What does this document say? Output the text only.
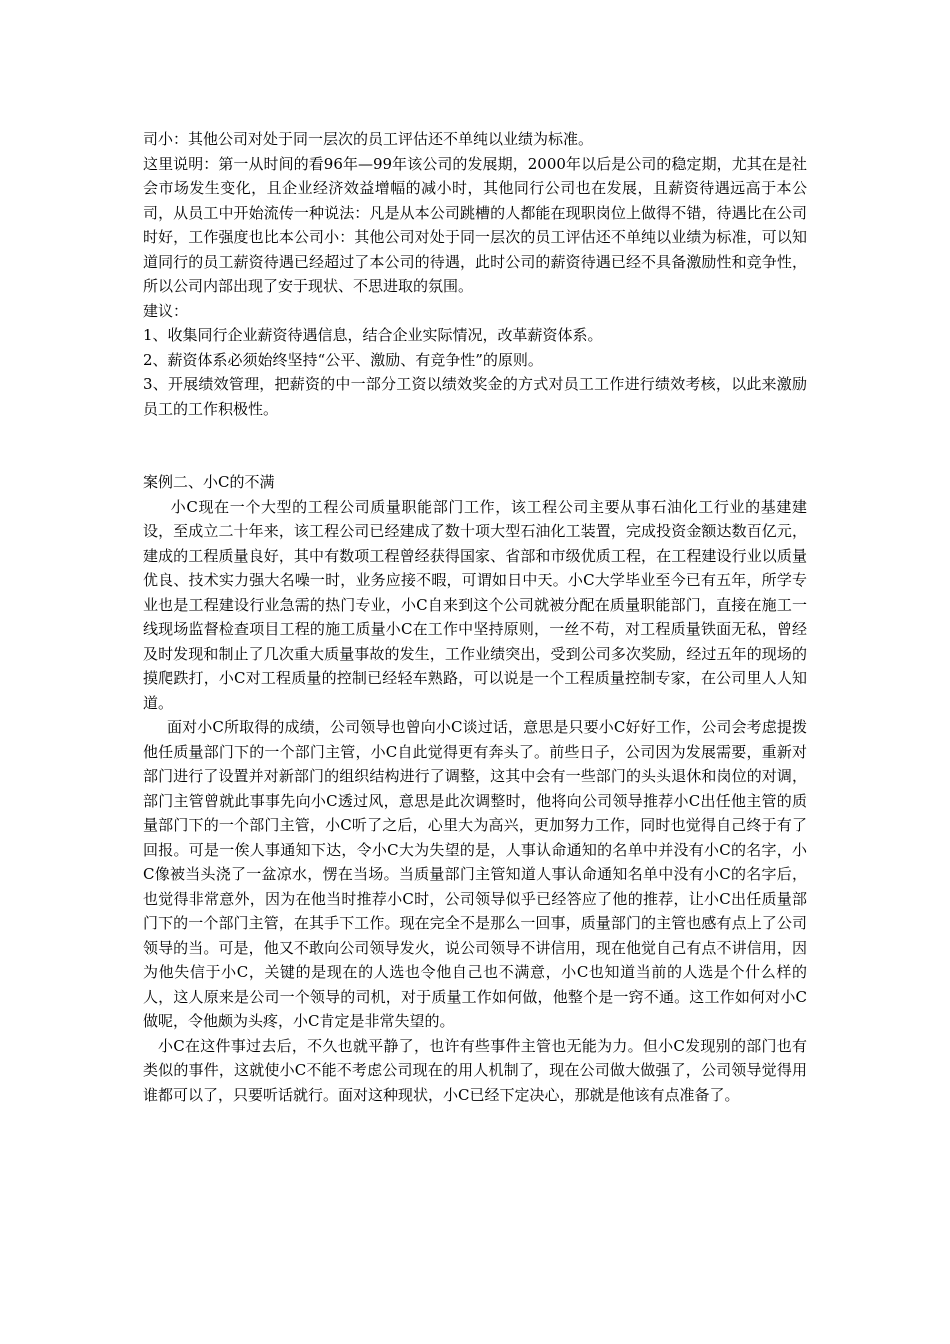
司小：其他公司对处于同一层次的员工评估还不单纯以业绩为标准。

这里说明：第一从时间的看96年—99年该公司的发展期，2000年以后是公司的稳定期，尤其在是社会市场发生变化，且企业经济效益增幅的减小时，其他同行公司也在发展，且薪资待遇远高于本公司，从员工中开始流传一种说法：凡是从本公司跳槽的人都能在现职岗位上做得不错，待遇比在公司时好，工作强度也比本公司小：其他公司对处于同一层次的员工评估还不单纯以业绩为标准，可以知道同行的员工薪资待遇已经超过了本公司的待遇，此时公司的薪资待遇已经不具备激励性和竞争性，所以公司内部出现了安于现状、不思进取的氛围。

建议：

1、收集同行企业薪资待遇信息，结合企业实际情况，改革薪资体系。

2、薪资体系必须始终坚持“公平、激励、有竞争性”的原则。

3、开展绩效管理，把薪资的中一部分工资以绩效奖金的方式对员工工作进行绩效考核，以此来激励员工的工作积极性。

案例二、小C的不满

小C现在一个大型的工程公司质量职能部门工作，该工程公司主要从事石油化工行业的基建建设，至成立二十年来，该工程公司已经建成了数十项大型石油化工装置，完成投资金额达数百亿元，建成的工程质量良好，其中有数项工程曾经获得国家、省部和市级优质工程，在工程建设行业以质量优良、技术实力强大名噪一时，业务应接不暇，可谓如日中天。小C大学毕业至今已有五年，所学专业也是工程建设行业急需的热门专业，小C自来到这个公司就被分配在质量职能部门，直接在施工一线现场监督检查项目工程的施工质量小C在工作中坚持原则，一丝不苟，对工程质量铁面无私，曾经及时发现和制止了几次重大质量事故的发生，工作业绩突出，受到公司多次奖励，经过五年的现场的摸爬跌打，小C对工程质量的控制已经轻车熟路，可以说是一个工程质量控制专家，在公司里人人知道。

面对小C所取得的成绩，公司领导也曾向小C谈过话，意思是只要小C好好工作，公司会考虑提拨他任质量部门下的一个部门主管，小C自此觉得更有奔头了。前些日子，公司因为发展需要，重新对部门进行了设置并对新部门的组织结构进行了调整，这其中会有一些部门的头头退休和岗位的对调，部门主管曾就此事事先向小C透过风，意思是此次调整时，他将向公司领导推荐小C出任他主管的质量部门下的一个部门主管，小C听了之后，心里大为高兴，更加努力工作，同时也觉得自己终于有了回报。可是一俟人事通知下达，令小C大为失望的是，人事认命通知的名单中并没有小C的名字，小C像被当头浇了一盆凉水，愣在当场。当质量部门主管知道人事认命通知名单中没有小C的名字后，也觉得非常意外，因为在他当时推荐小C时，公司领导似乎已经答应了他的推荐，让小C出任质量部门下的一个部门主管，在其手下工作。现在完全不是那么一回事，质量部门的主管也感有点上了公司领导的当。可是，他又不敢向公司领导发火，说公司领导不讲信用，现在他觉自己有点不讲信用，因为他失信于小C，关键的是现在的人选也令他自己也不满意，小C也知道当前的人选是个什么样的人，这人原来是公司一个领导的司机，对于质量工作如何做，他整个是一窍不通。这工作如何对小C做呢，令他颇为头疼，小C肯定是非常失望的。

小C在这件事过去后，不久也就平静了，也许有些事件主管也无能为力。但小C发现别的部门也有类似的事件，这就使小C不能不考虑公司现在的用人机制了，现在公司做大做强了，公司领导觉得用谁都可以了，只要听话就行。面对这种现状，小C已经下定决心，那就是他该有点准备了。
